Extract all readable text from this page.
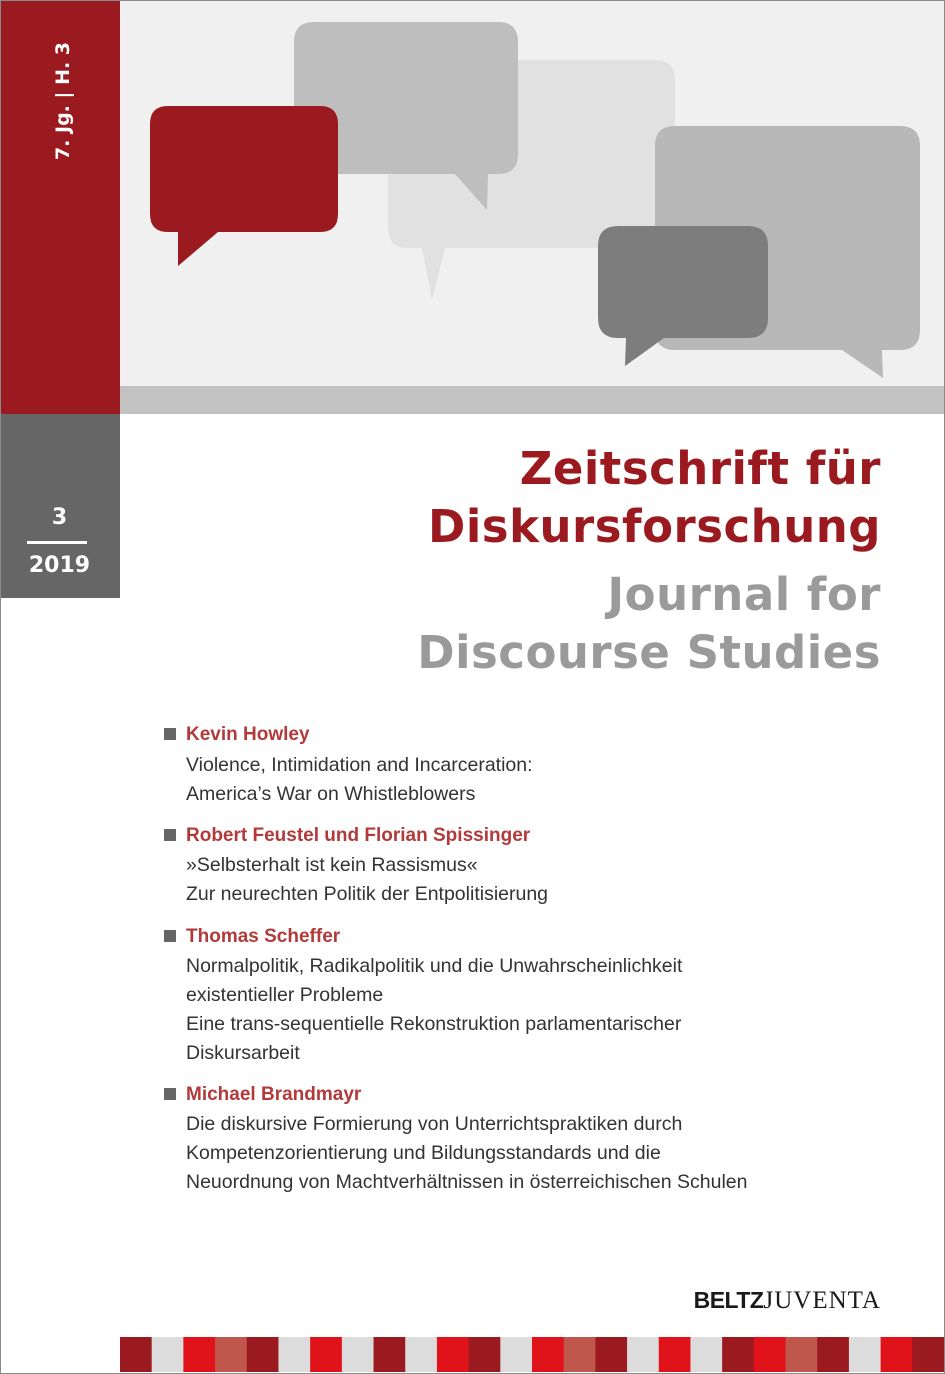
7. Jg. | H. 3
3
2019
Zeitschrift für
Diskursforschung
Journal for
Discourse Studies
Kevin Howley
Violence, Intimidation and Incarceration:
America’s War on Whistleblowers
Robert Feustel und Florian Spissinger
»Selbsterhalt ist kein Rassismus«
Zur neurechten Politik der Entpolitisierung
Thomas Scheffer
Normalpolitik, Radikalpolitik und die Unwahrscheinlichkeit
existentieller Probleme
Eine trans-sequentielle Rekonstruktion parlamentarischer
Diskursarbeit
Michael Brandmayr
Die diskursive Formierung von Unterrichtspraktiken durch
Kompetenzorientierung und Bildungsstandards und die
Neuordnung von Machtverhältnissen in österreichischen Schulen
BELTZJUVENTA
